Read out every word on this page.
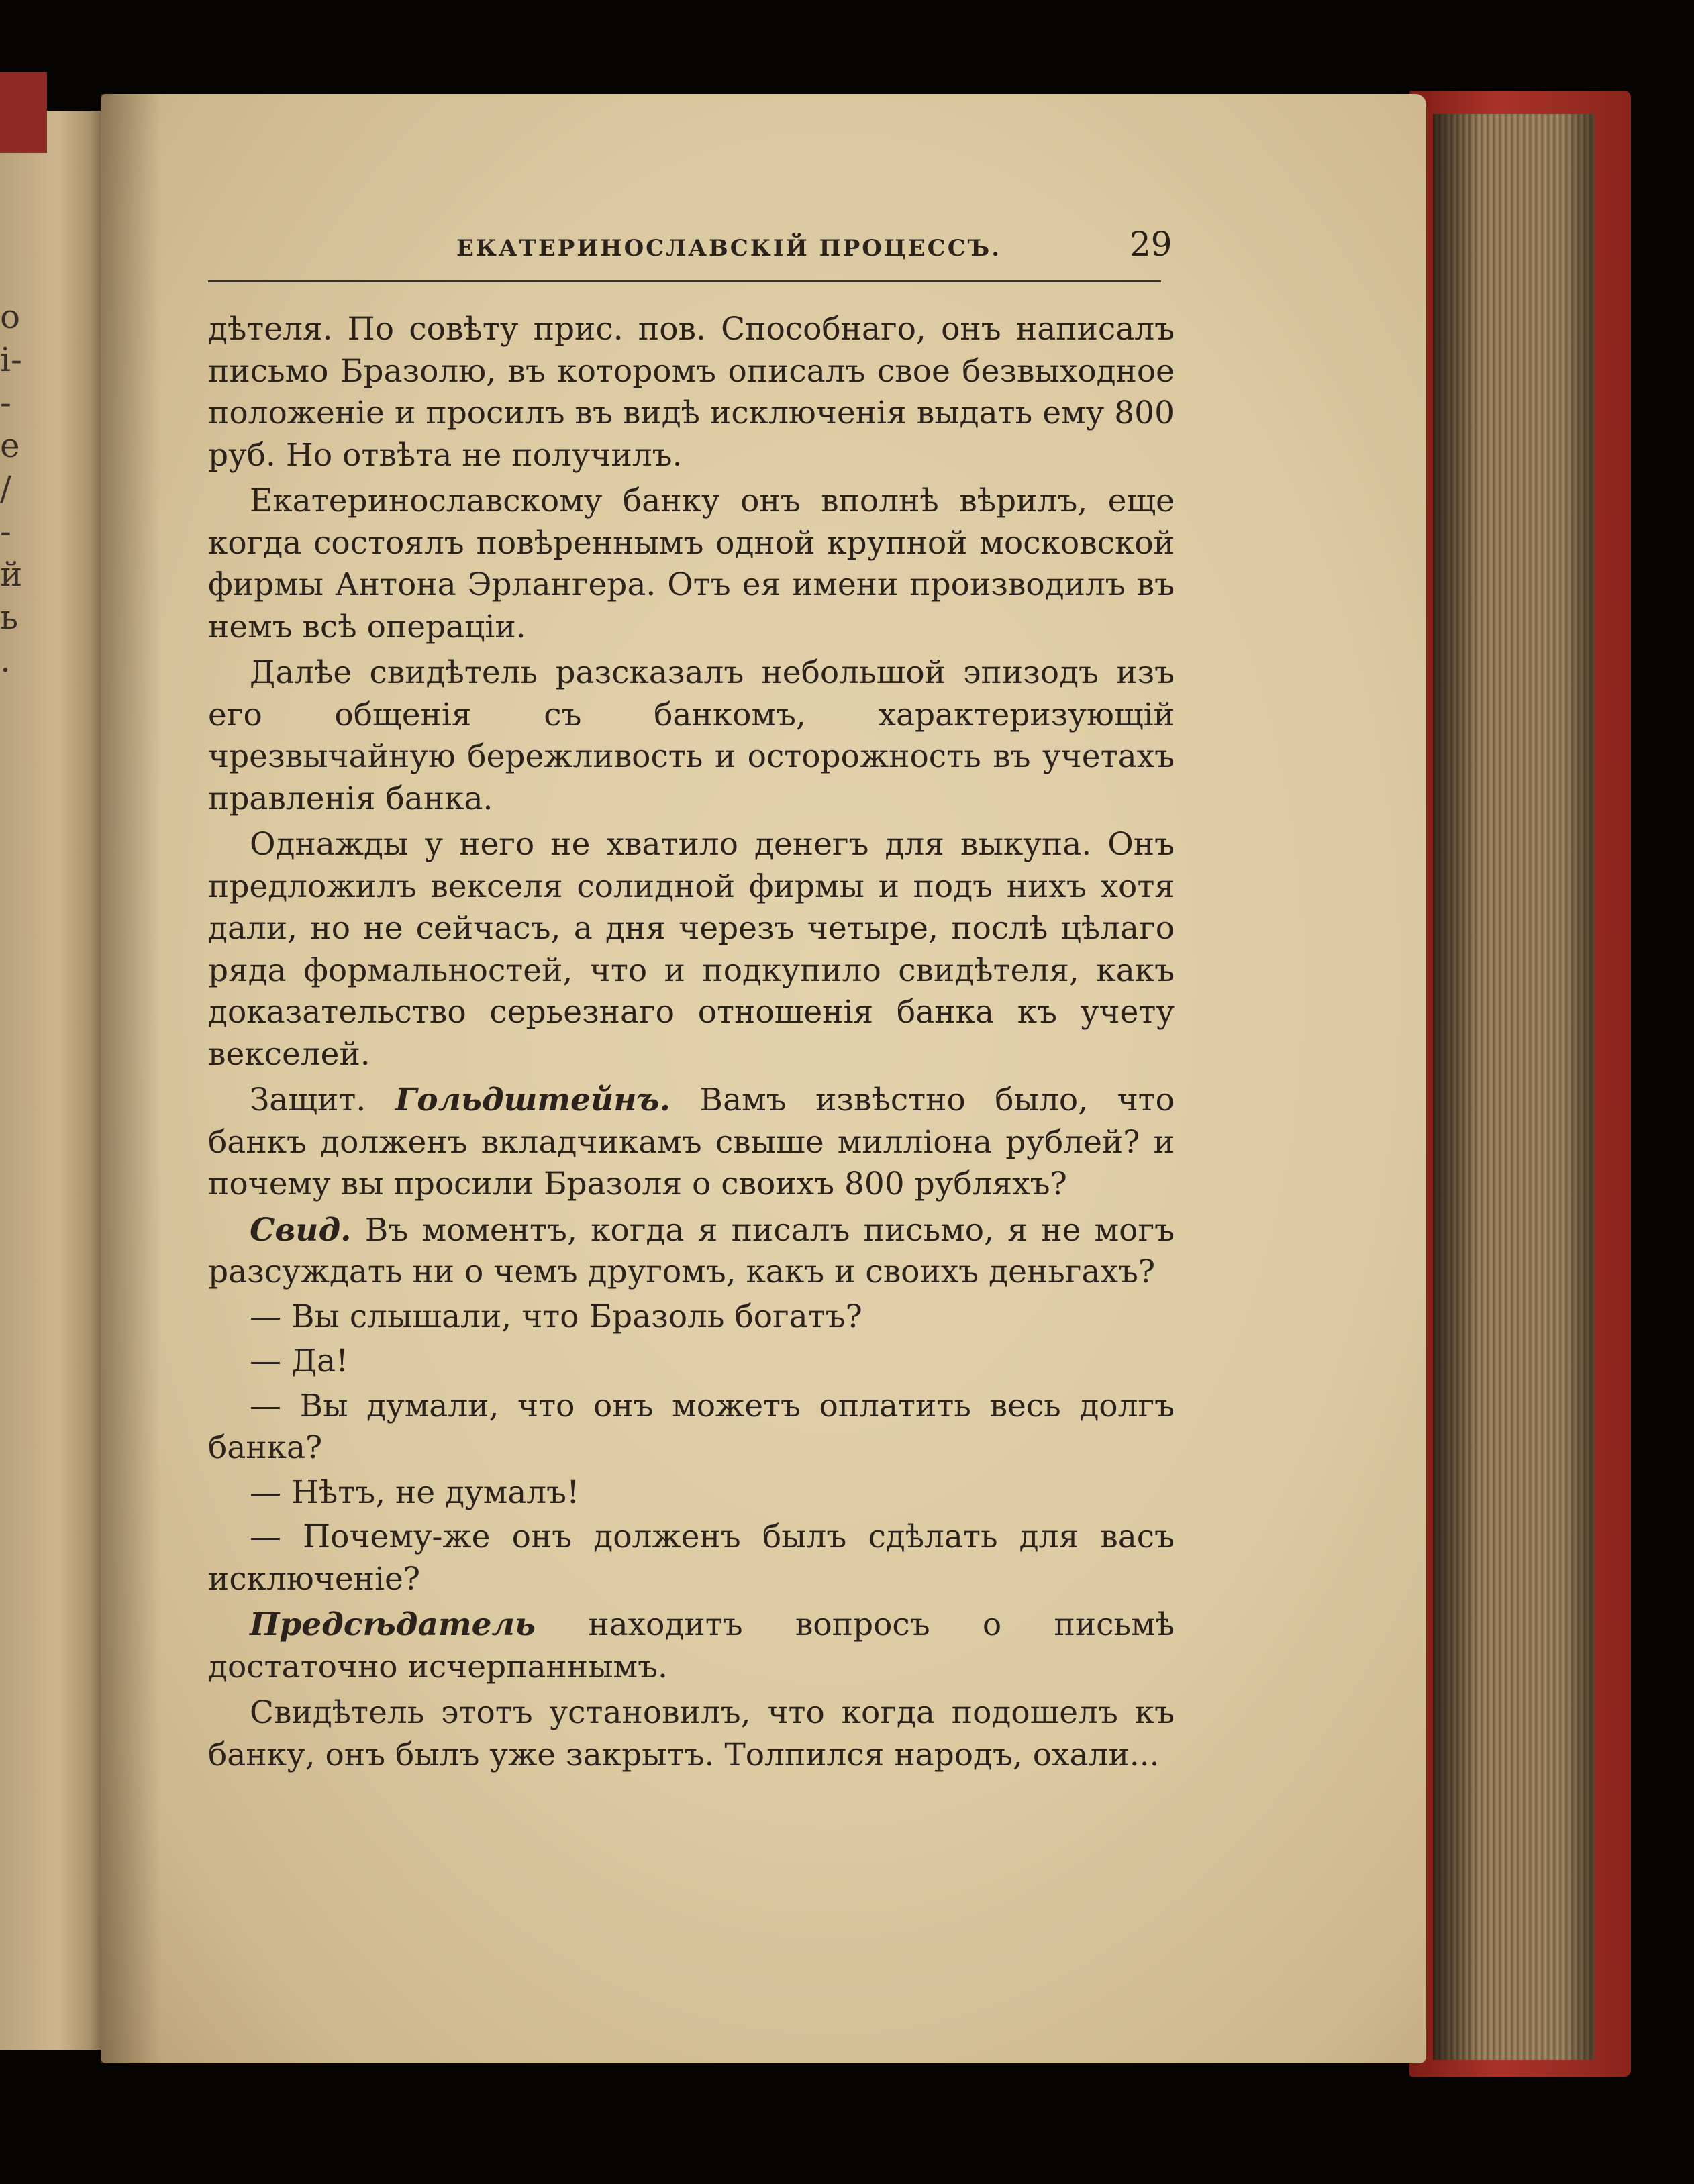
о
і-
-
е
/
-
й
ь
.
ЕКАТЕРИНОСЛАВСКІЙ ПРОЦЕССЪ.	29

дѣтеля. По совѣту прис. пов. Способнаго, онъ написалъ письмо Бразолю, въ которомъ описалъ свое безвыходное положеніе и просилъ въ видѣ исключенія выдать ему 800 руб. Но отвѣта не получилъ.

Екатеринославскому банку онъ вполнѣ вѣрилъ, еще когда состоялъ повѣреннымъ одной крупной московской фирмы Антона Эрлангера. Отъ ея имени производилъ въ немъ всѣ операціи.

Далѣе свидѣтель разсказалъ небольшой эпизодъ изъ его общенія съ банкомъ, характеризующій чрезвычайную бережливость и осторожность въ учетахъ правленія банка.

Однажды у него не хватило денегъ для выкупа. Онъ предложилъ векселя солидной фирмы и подъ нихъ хотя дали, но не сейчасъ, а дня черезъ четыре, послѣ цѣлаго ряда формальностей, что и подкупило свидѣтеля, какъ доказательство серьезнаго отношенія банка къ учету векселей.

Защит. Гольдштейнъ. Вамъ извѣстно было, что банкъ долженъ вкладчикамъ свыше милліона рублей? и почему вы просили Бразоля о своихъ 800 рубляхъ?

Свид. Въ моментъ, когда я писалъ письмо, я не могъ разсуждать ни о чемъ другомъ, какъ и своихъ деньгахъ?

— Вы слышали, что Бразоль богатъ?

— Да!

— Вы думали, что онъ можетъ оплатить весь долгъ банка?

— Нѣтъ, не думалъ!

— Почему-же онъ долженъ былъ сдѣлать для васъ исключеніе?

Предсѣдатель находитъ вопросъ о письмѣ достаточно исчерпаннымъ.

Свидѣтель этотъ установилъ, что когда подошелъ къ банку, онъ былъ уже закрытъ. Толпился народъ, охали...
